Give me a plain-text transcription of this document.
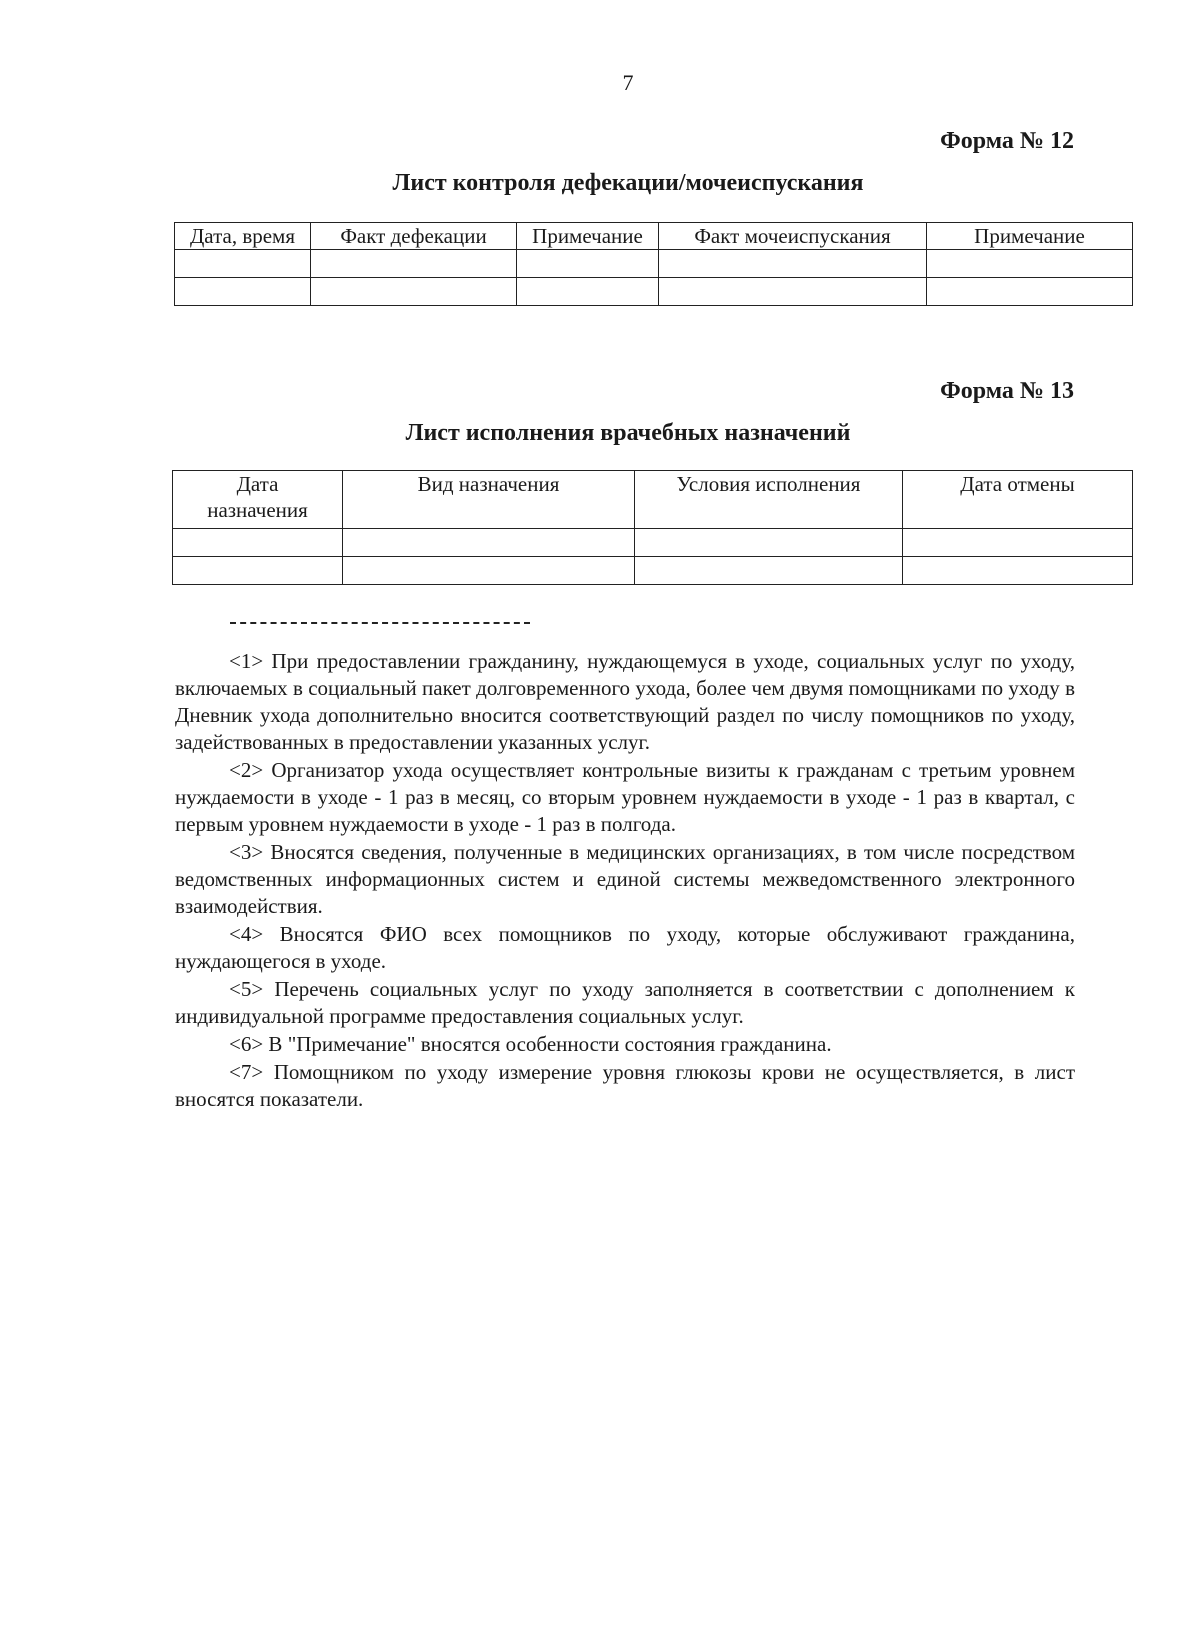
7
Форма № 12
Лист контроля дефекации/мочеиспускания
Дата, время	Факт дефекации	Примечание	Факт мочеиспускания	Примечание

Форма № 13
Лист исполнения врачебных назначений
Дата назначения	Вид назначения	Условия исполнения	Дата отмены

<1> При предоставлении гражданину, нуждающемуся в уходе, социальных услуг по уходу, включаемых в социальный пакет долговременного ухода, более чем двумя помощниками по уходу в Дневник ухода дополнительно вносится соответствующий раздел по числу помощников по уходу, задействованных в предоставлении указанных услуг.

<2> Организатор ухода осуществляет контрольные визиты к гражданам с третьим уровнем нуждаемости в уходе - 1 раз в месяц, со вторым уровнем нуждаемости в уходе - 1 раз в квартал, с первым уровнем нуждаемости в уходе - 1 раз в полгода.

<3> Вносятся сведения, полученные в медицинских организациях, в том числе посредством ведомственных информационных систем и единой системы межведомственного электронного взаимодействия.

<4> Вносятся ФИО всех помощников по уходу, которые обслуживают гражданина, нуждающегося в уходе.

<5> Перечень социальных услуг по уходу заполняется в соответствии с дополнением к индивидуальной программе предоставления социальных услуг.

<6> В "Примечание" вносятся особенности состояния гражданина.

<7> Помощником по уходу измерение уровня глюкозы крови не осуществляется, в лист вносятся показатели.
